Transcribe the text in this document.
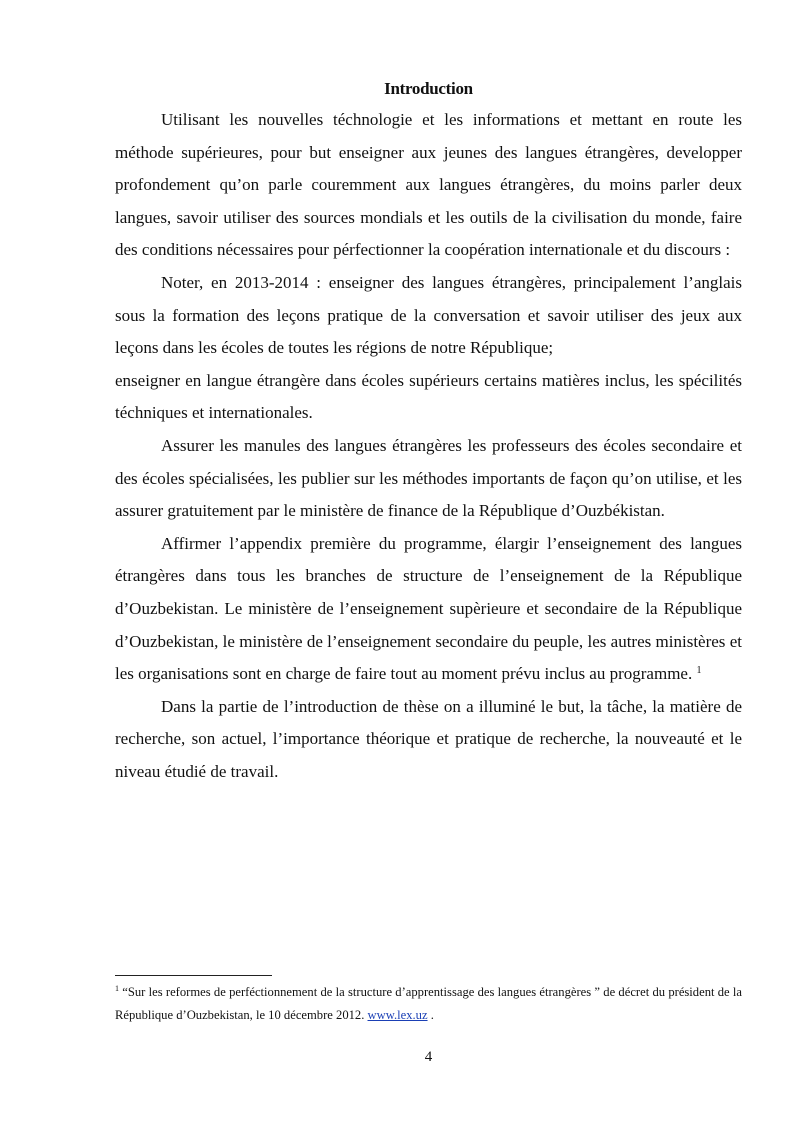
Introduction

Utilisant les nouvelles téchnologie et les informations et mettant en route les méthode supérieures, pour but enseigner aux jeunes des langues étrangères, developper profondement qu’on parle couremment aux langues étrangères, du moins parler deux langues, savoir utiliser des sources mondials et les outils de la civilisation du monde, faire des conditions nécessaires pour pérfectionner la coopération internationale et du discours :

Noter, en 2013-2014 : enseigner des langues étrangères, principalement l’anglais sous la formation des leçons pratique de la conversation et savoir utiliser des jeux aux leçons dans les écoles de toutes les régions de notre République;

enseigner en langue étrangère dans écoles supérieurs certains matières inclus, les spécilités téchniques et internationales.

Assurer les manules des langues étrangères les professeurs des écoles secondaire et des écoles spécialisées, les publier sur les méthodes importants de façon qu’on utilise, et les assurer gratuitement par le ministère de finance de la République d’Ouzbékistan.

Affirmer l’appendix première du programme, élargir l’enseignement des langues étrangères dans tous les branches de structure de l’enseignement de la République d’Ouzbekistan. Le ministère de l’enseignement supèrieure et secondaire de la République d’Ouzbekistan, le ministère de l’enseignement secondaire du peuple, les autres ministères et les organisations sont en charge de faire tout au moment prévu inclus au programme. $^1$

Dans la partie de l’introduction de thèse on a illuminé le but, la tâche, la matière de recherche, son actuel, l’importance théorique et pratique de recherche, la nouveauté et le niveau étudié de travail.

$^1$ “Sur les reformes de perféctionnement de la structure d’apprentissage des langues étrangères ” de décret du président de la République d’Ouzbekistan, le 10 décembre 2012. www.lex.uz .
4
